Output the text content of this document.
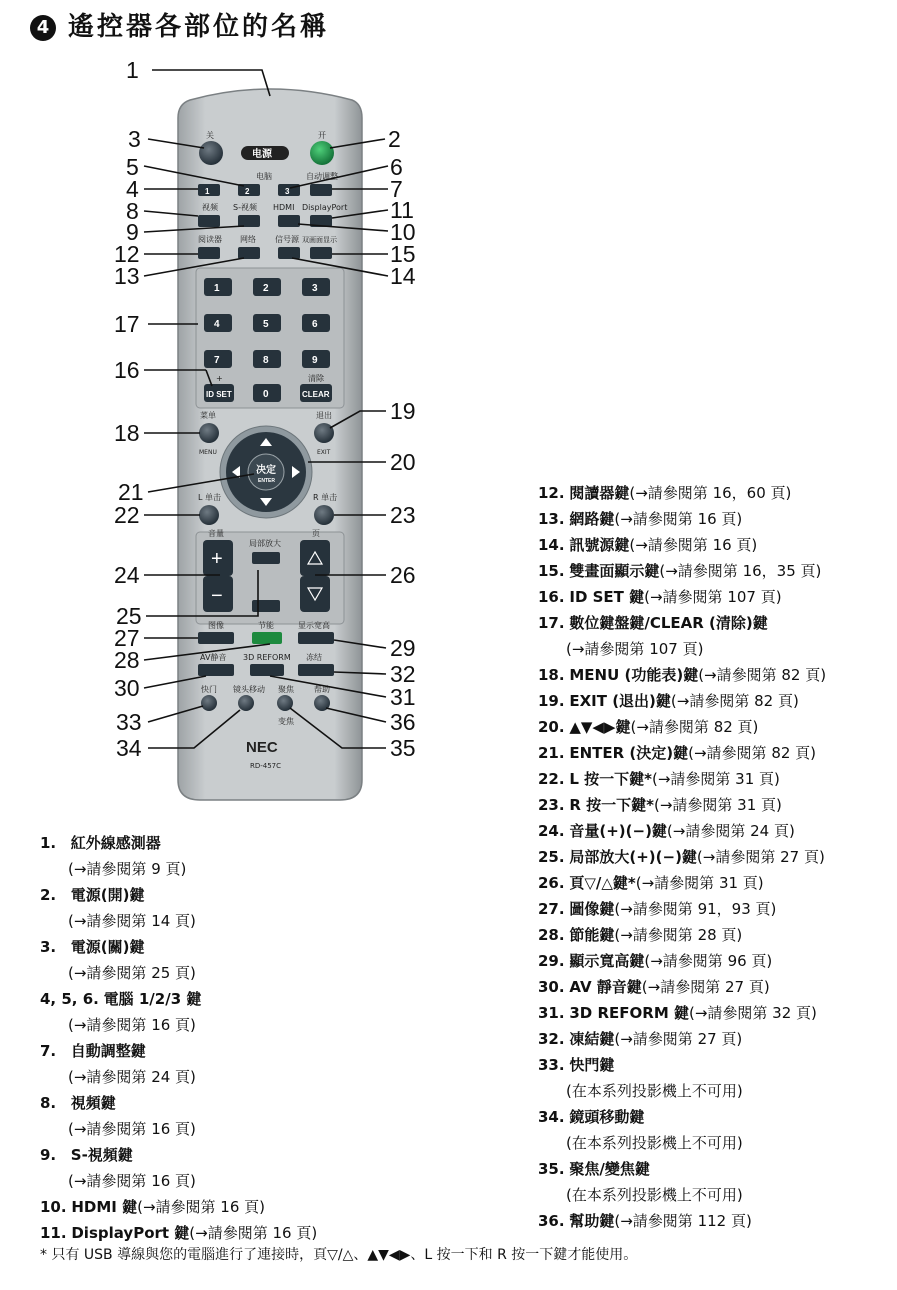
4 遙控器各部位的名稱
关	开
电源
电脑	自动调整
1	2	3
视频 S-视频 HDMI DisplayPort
阅读器 网络 信号源 双画面显示
1	2	3
4	5	6
7	8	9
0
+
ID SET
清除
CLEAR
菜单	退出
MENU	EXIT
决定
ENTER
L 单击	R 单击
音量	页
局部放大
+
−
图像	节能	显示宽高
AV静音 3D REFORM 冻结
快门 镜头移动 聚焦	帮助
变焦
NEC
RD-457C
1
2
3
4
5	6
7
8
9	10
11
12
13	14
15
16
17
18
19
20
21
22	23
24
25
26
27
28	29
30	31
32
33
34	35
36
1. 紅外線感測器
(→請參閱第 9 頁)
2. 電源(開)鍵
(→請參閱第 14 頁)
3. 電源(關)鍵
(→請參閱第 25 頁)
4, 5, 6. 電腦 1/2/3 鍵
(→請參閱第 16 頁)
7. 自動調整鍵
(→請參閱第 24 頁)
8. 視頻鍵
(→請參閱第 16 頁)
9. S-視頻鍵
(→請參閱第 16 頁)
10. HDMI 鍵(→請參閱第 16 頁)
11. DisplayPort 鍵(→請參閱第 16 頁)
12. 閱讀器鍵(→請參閱第 16，60 頁)
13. 網路鍵(→請參閱第 16 頁)
14. 訊號源鍵(→請參閱第 16 頁)
15. 雙畫面顯示鍵(→請參閱第 16，35 頁)
16. ID SET 鍵(→請參閱第 107 頁)
17. 數位鍵盤鍵/CLEAR (清除)鍵
(→請參閱第 107 頁)
18. MENU (功能表)鍵(→請參閱第 82 頁)
19. EXIT (退出)鍵(→請參閱第 82 頁)
20. ▲▼◀▶鍵(→請參閱第 82 頁)
21. ENTER (決定)鍵(→請參閱第 82 頁)
22. L 按一下鍵*(→請參閱第 31 頁)
23. R 按一下鍵*(→請參閱第 31 頁)
24. 音量(+)(−)鍵(→請參閱第 24 頁)
25. 局部放大(+)(−)鍵(→請參閱第 27 頁)
26. 頁▽/△鍵*(→請參閱第 31 頁)
27. 圖像鍵(→請參閱第 91，93 頁)
28. 節能鍵(→請參閱第 28 頁)
29. 顯示寬高鍵(→請參閱第 96 頁)
30. AV 靜音鍵(→請參閱第 27 頁)
31. 3D REFORM 鍵(→請參閱第 32 頁)
32. 凍結鍵(→請參閱第 27 頁)
33. 快門鍵
(在本系列投影機上不可用)
34. 鏡頭移動鍵
(在本系列投影機上不可用)
35. 聚焦/變焦鍵
(在本系列投影機上不可用)
36. 幫助鍵(→請參閱第 112 頁)
* 只有 USB 導線與您的電腦進行了連接時，頁▽/△、▲▼◀▶、L 按一下和 R 按一下鍵才能使用。
